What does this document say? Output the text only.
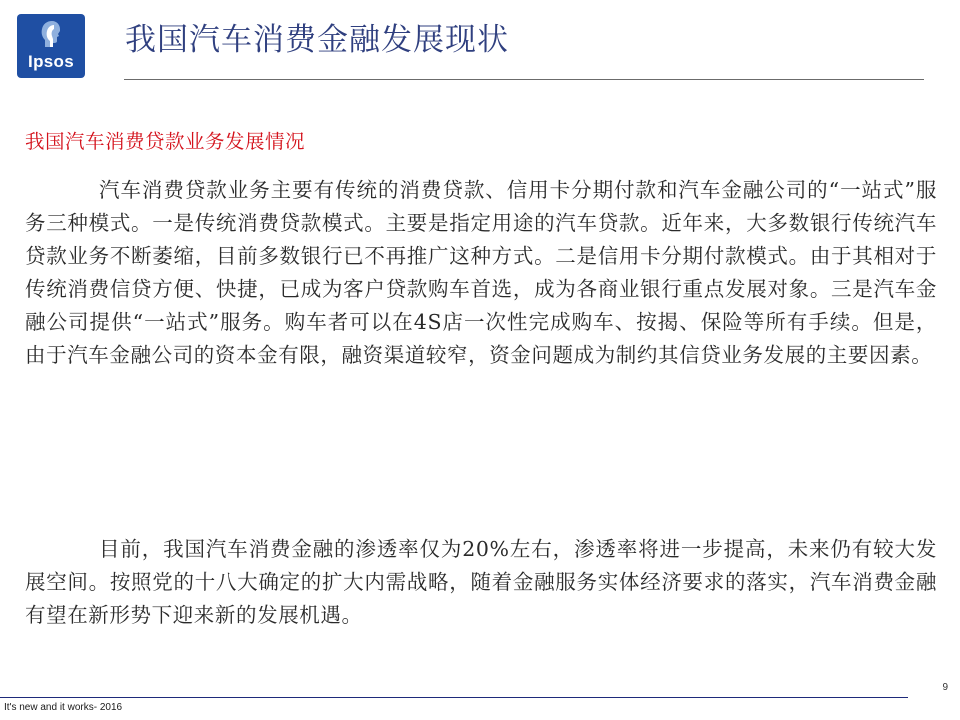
Ipsos
我国汽车消费金融发展现状
我国汽车消费贷款业务发展情况

汽车消费贷款业务主要有传统的消费贷款、信用卡分期付款和汽车金融公司的“一站式”服务三种模式。一是传统消费贷款模式。主要是指定用途的汽车贷款。近年来，大多数银行传统汽车贷款业务不断萎缩，目前多数银行已不再推广这种方式。二是信用卡分期付款模式。由于其相对于传统消费信贷方便、快捷，已成为客户贷款购车首选，成为各商业银行重点发展对象。三是汽车金融公司提供“一站式”服务。购车者可以在4S店一次性完成购车、按揭、保险等所有手续。但是，由于汽车金融公司的资本金有限，融资渠道较窄，资金问题成为制约其信贷业务发展的主要因素。

目前，我国汽车消费金融的渗透率仅为20%左右，渗透率将进一步提高，未来仍有较大发展空间。按照党的十八大确定的扩大内需战略，随着金融服务实体经济要求的落实，汽车消费金融有望在新形势下迎来新的发展机遇。

9
It's new and it works- 2016
